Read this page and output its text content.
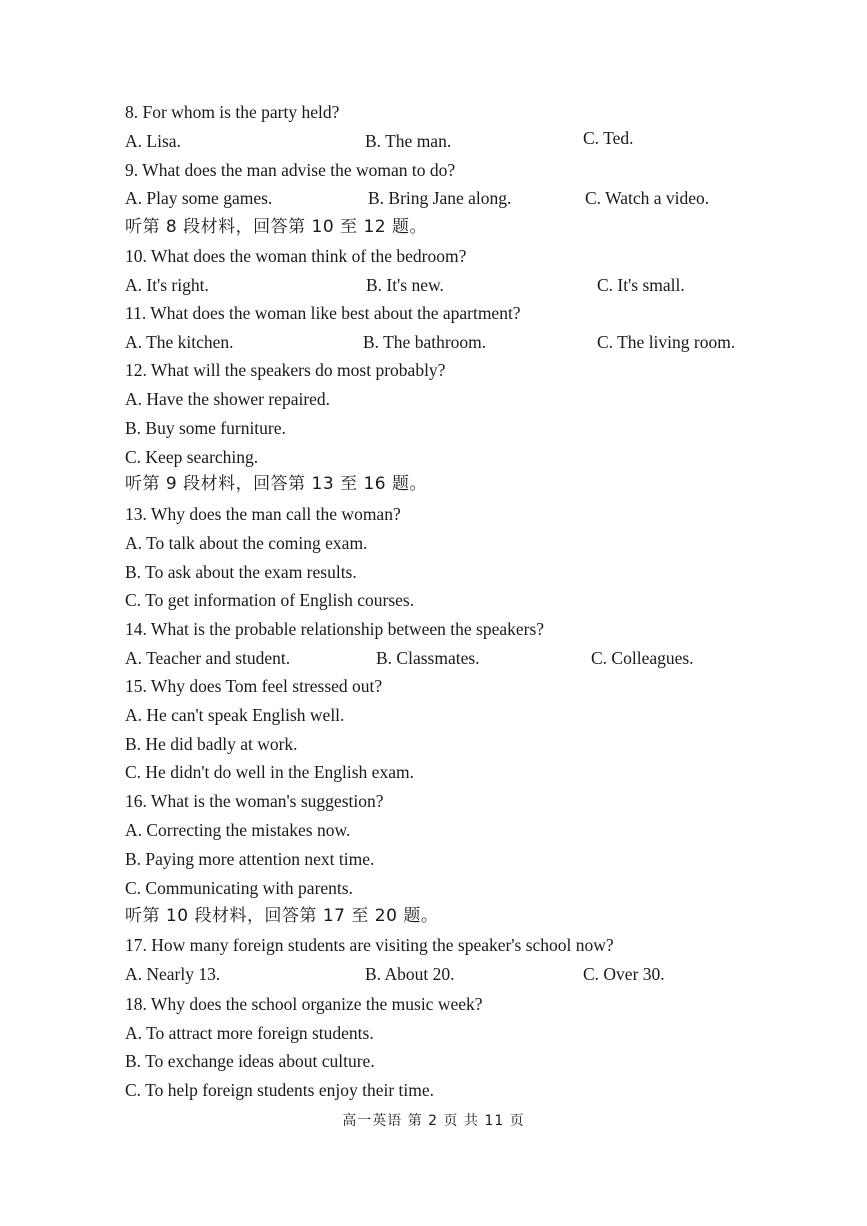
8. For whom is the party held?
A. Lisa.	B. The man.	C. Ted.
9. What does the man advise the woman to do?
A. Play some games.	B. Bring Jane along.	C. Watch a video.
听第 8 段材料，回答第 10 至 12 题。
10. What does the woman think of the bedroom?
A. It's right.	B. It's new.	C. It's small.
11. What does the woman like best about the apartment?
A. The kitchen.	B. The bathroom.	C. The living room.
12. What will the speakers do most probably?
A. Have the shower repaired.
B. Buy some furniture.
C. Keep searching.
听第 9 段材料，回答第 13 至 16 题。
13. Why does the man call the woman?
A. To talk about the coming exam.
B. To ask about the exam results.
C. To get information of English courses.
14. What is the probable relationship between the speakers?
A. Teacher and student.	B. Classmates.	C. Colleagues.
15. Why does Tom feel stressed out?
A. He can't speak English well.
B. He did badly at work.
C. He didn't do well in the English exam.
16. What is the woman's suggestion?
A. Correcting the mistakes now.
B. Paying more attention next time.
C. Communicating with parents.
听第 10 段材料，回答第 17 至 20 题。
17. How many foreign students are visiting the speaker's school now?
A. Nearly 13.	B. About 20.	C. Over 30.
18. Why does the school organize the music week?
A. To attract more foreign students.
B. To exchange ideas about culture.
C. To help foreign students enjoy their time.
高一英语 第 2 页 共 11 页
